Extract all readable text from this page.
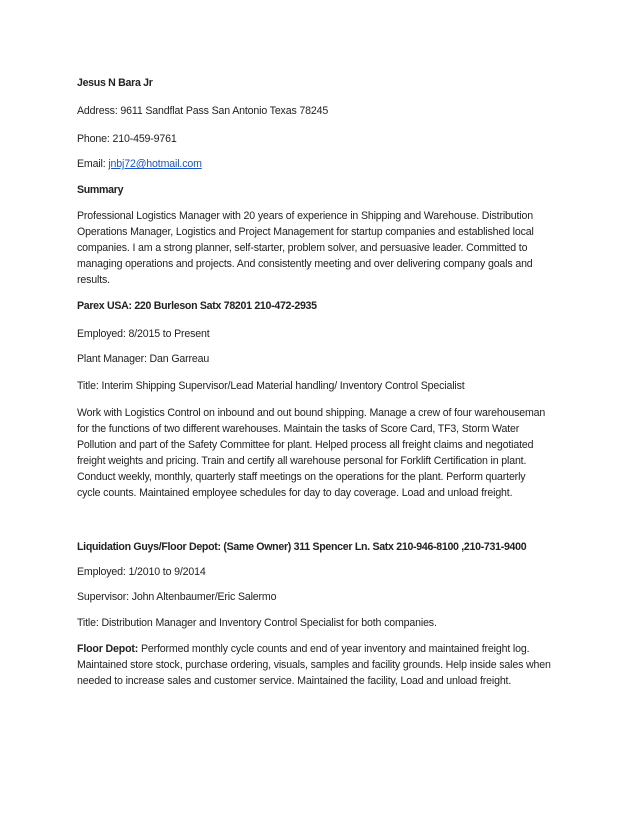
Jesus N Bara Jr
Address: 9611 Sandflat Pass San Antonio Texas 78245
Phone: 210-459-9761
Email: jnbj72@hotmail.com
Summary
Professional Logistics Manager with 20 years of experience in Shipping and Warehouse. Distribution
Operations Manager, Logistics and Project Management for startup companies and established local
companies. I am a strong planner, self-starter, problem solver, and persuasive leader. Committed to
managing operations and projects. And consistently meeting and over delivering company goals and
results.
Parex USA: 220 Burleson Satx 78201 210-472-2935
Employed: 8/2015 to Present
Plant Manager: Dan Garreau
Title: Interim Shipping Supervisor/Lead Material handling/ Inventory Control Specialist
Work with Logistics Control on inbound and out bound shipping. Manage a crew of four warehouseman
for the functions of two different warehouses. Maintain the tasks of Score Card, TF3, Storm Water
Pollution and part of the Safety Committee for plant. Helped process all freight claims and negotiated
freight weights and pricing. Train and certify all warehouse personal for Forklift Certification in plant.
Conduct weekly, monthly, quarterly staff meetings on the operations for the plant. Perform quarterly
cycle counts. Maintained employee schedules for day to day coverage. Load and unload freight.
Liquidation Guys/Floor Depot: (Same Owner) 311 Spencer Ln. Satx 210-946-8100 ,210-731-9400
Employed: 1/2010 to 9/2014
Supervisor: John Altenbaumer/Eric Salermo
Title: Distribution Manager and Inventory Control Specialist for both companies.
Floor Depot: Performed monthly cycle counts and end of year inventory and maintained freight log.
Maintained store stock, purchase ordering, visuals, samples and facility grounds. Help inside sales when
needed to increase sales and customer service. Maintained the facility, Load and unload freight.
